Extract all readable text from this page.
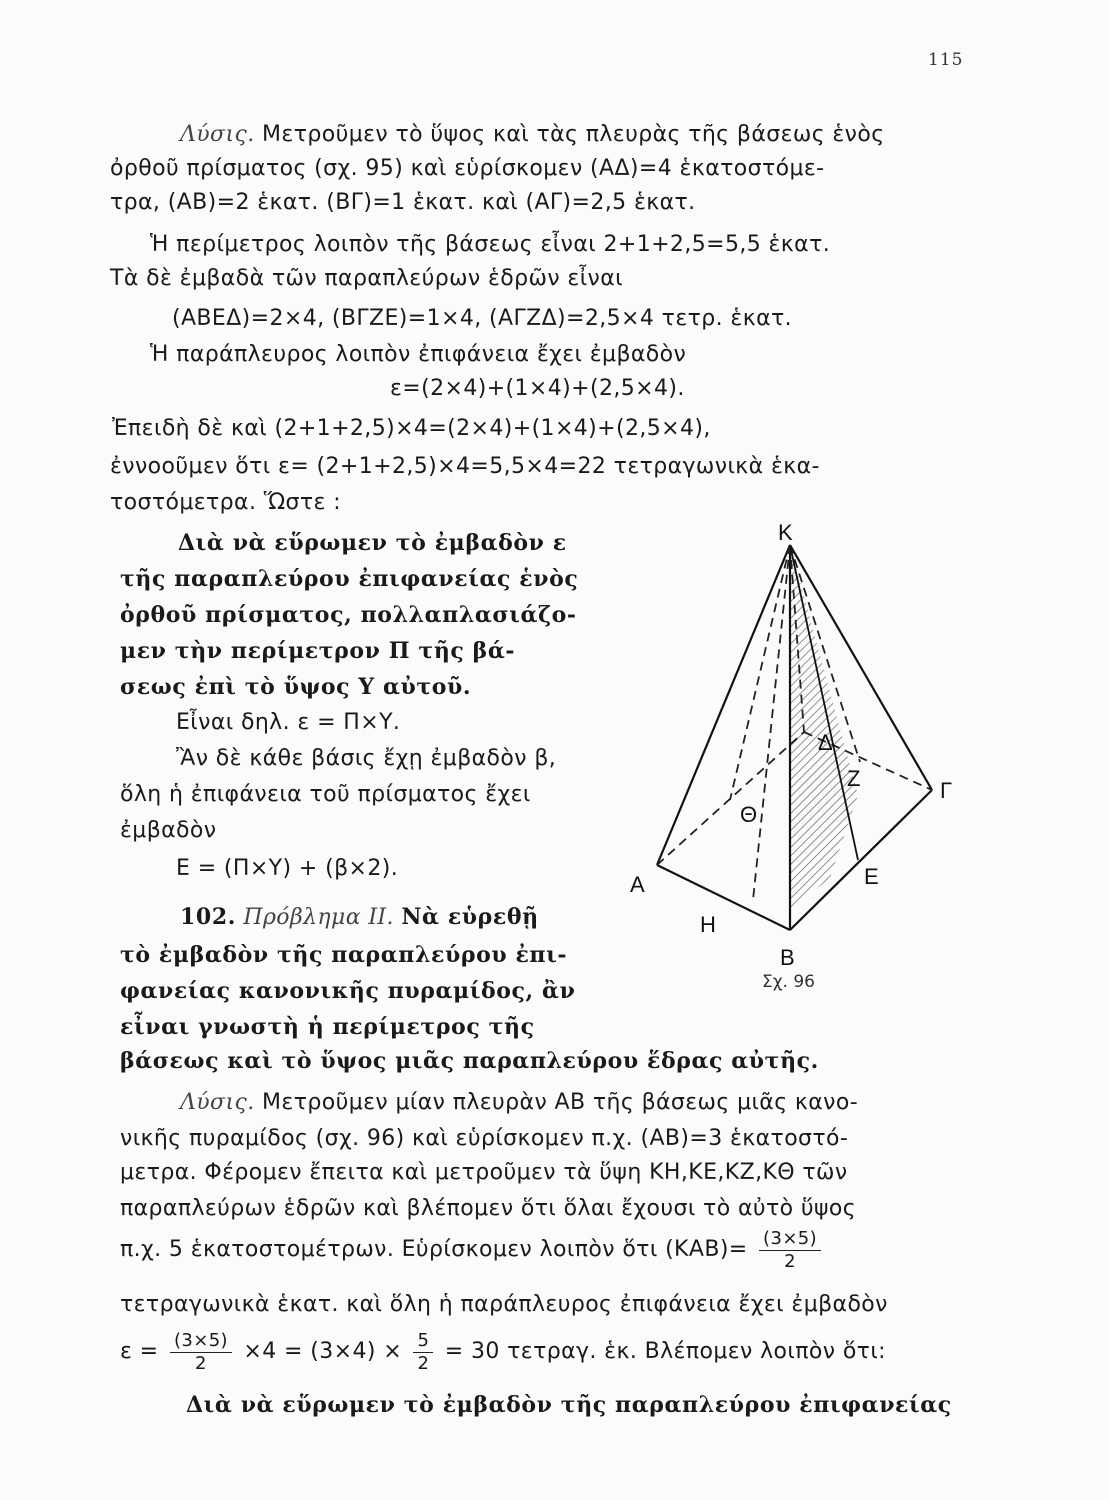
115
Λύσις. Μετροῦμεν τὸ ὕψος καὶ τὰς πλευρὰς τῆς βάσεως ἑνὸς
ὀρθοῦ πρίσματος (σχ. 95) καὶ εὑρίσκομεν (ΑΔ)=4 ἑκατοστόμε-
τρα, (ΑΒ)=2 ἑκατ. (ΒΓ)=1 ἑκατ. καὶ (ΑΓ)=2,5 ἑκατ.
Ἡ περίμετρος λοιπὸν τῆς βάσεως εἶναι 2+1+2,5=5,5 ἑκατ.
Τὰ δὲ ἐμβαδὰ τῶν παραπλεύρων ἑδρῶν εἶναι
(ΑΒΕΔ)=2×4, (ΒΓΖΕ)=1×4, (ΑΓΖΔ)=2,5×4 τετρ. ἑκατ.
Ἡ παράπλευρος λοιπὸν ἐπιφάνεια ἔχει ἐμβαδὸν
ε=(2×4)+(1×4)+(2,5×4).
Ἐπειδὴ δὲ καὶ (2+1+2,5)×4=(2×4)+(1×4)+(2,5×4),
ἐννοοῦμεν ὅτι ε= (2+1+2,5)×4=5,5×4=22 τετραγωνικὰ ἑκα-
τοστόμετρα. Ὥστε :
Διὰ νὰ εὕρωμεν τὸ ἐμβαδὸν ε
τῆς παραπλεύρου ἐπιφανείας ἑνὸς
ὀρθοῦ πρίσματος, πολλαπλασιάζο-
μεν τὴν περίμετρον Π τῆς βά-
σεως ἐπὶ τὸ ὕψος Υ αὐτοῦ.
Εἶναι δηλ. ε = Π×Υ.
Ἂν δὲ κάθε βάσις ἔχῃ ἐμβαδὸν β,
ὅλη ἡ ἐπιφάνεια τοῦ πρίσματος ἔχει
ἐμβαδὸν
Ε = (Π×Υ) + (β×2).
102. Πρόβλημα ΙΙ. Νὰ εὑρεθῇ
τὸ ἐμβαδὸν τῆς παραπλεύρου ἐπι-
φανείας κανονικῆς πυραμίδος, ἂν
εἶναι γνωστὴ ἡ περίμετρος τῆς
βάσεως καὶ τὸ ὕψος μιᾶς παραπλεύρου ἕδρας αὐτῆς.
Λύσις. Μετροῦμεν μίαν πλευρὰν ΑΒ τῆς βάσεως μιᾶς κανο-
νικῆς πυραμίδος (σχ. 96) καὶ εὑρίσκομεν π.χ. (ΑΒ)=3 ἑκατοστό-
μετρα. Φέρομεν ἔπειτα καὶ μετροῦμεν τὰ ὕψη ΚΗ,ΚΕ,ΚΖ,ΚΘ τῶν
παραπλεύρων ἑδρῶν καὶ βλέπομεν ὅτι ὅλαι ἔχουσι τὸ αὐτὸ ὕψος
π.χ. 5 ἑκατοστομέτρων. Εὑρίσκομεν λοιπὸν ὅτι $(KAB)= \frac{(3\times 5)}{2}$
τετραγωνικὰ ἑκατ. καὶ ὅλη ἡ παράπλευρος ἐπιφάνεια ἔχει ἐμβαδὸν
$\varepsilon = \frac{(3\times 5)}{2} \times 4 = (3\times 4) \times \frac{5}{2} = 30$ τετραγ. ἑκ. Βλέπομεν λοιπὸν ὅτι:
Διὰ νὰ εὕρωμεν τὸ ἐμβαδὸν τῆς παραπλεύρου ἐπιφανείας
K
A
B
Γ
Δ
E
Z
H
Θ
Σχ. 96
